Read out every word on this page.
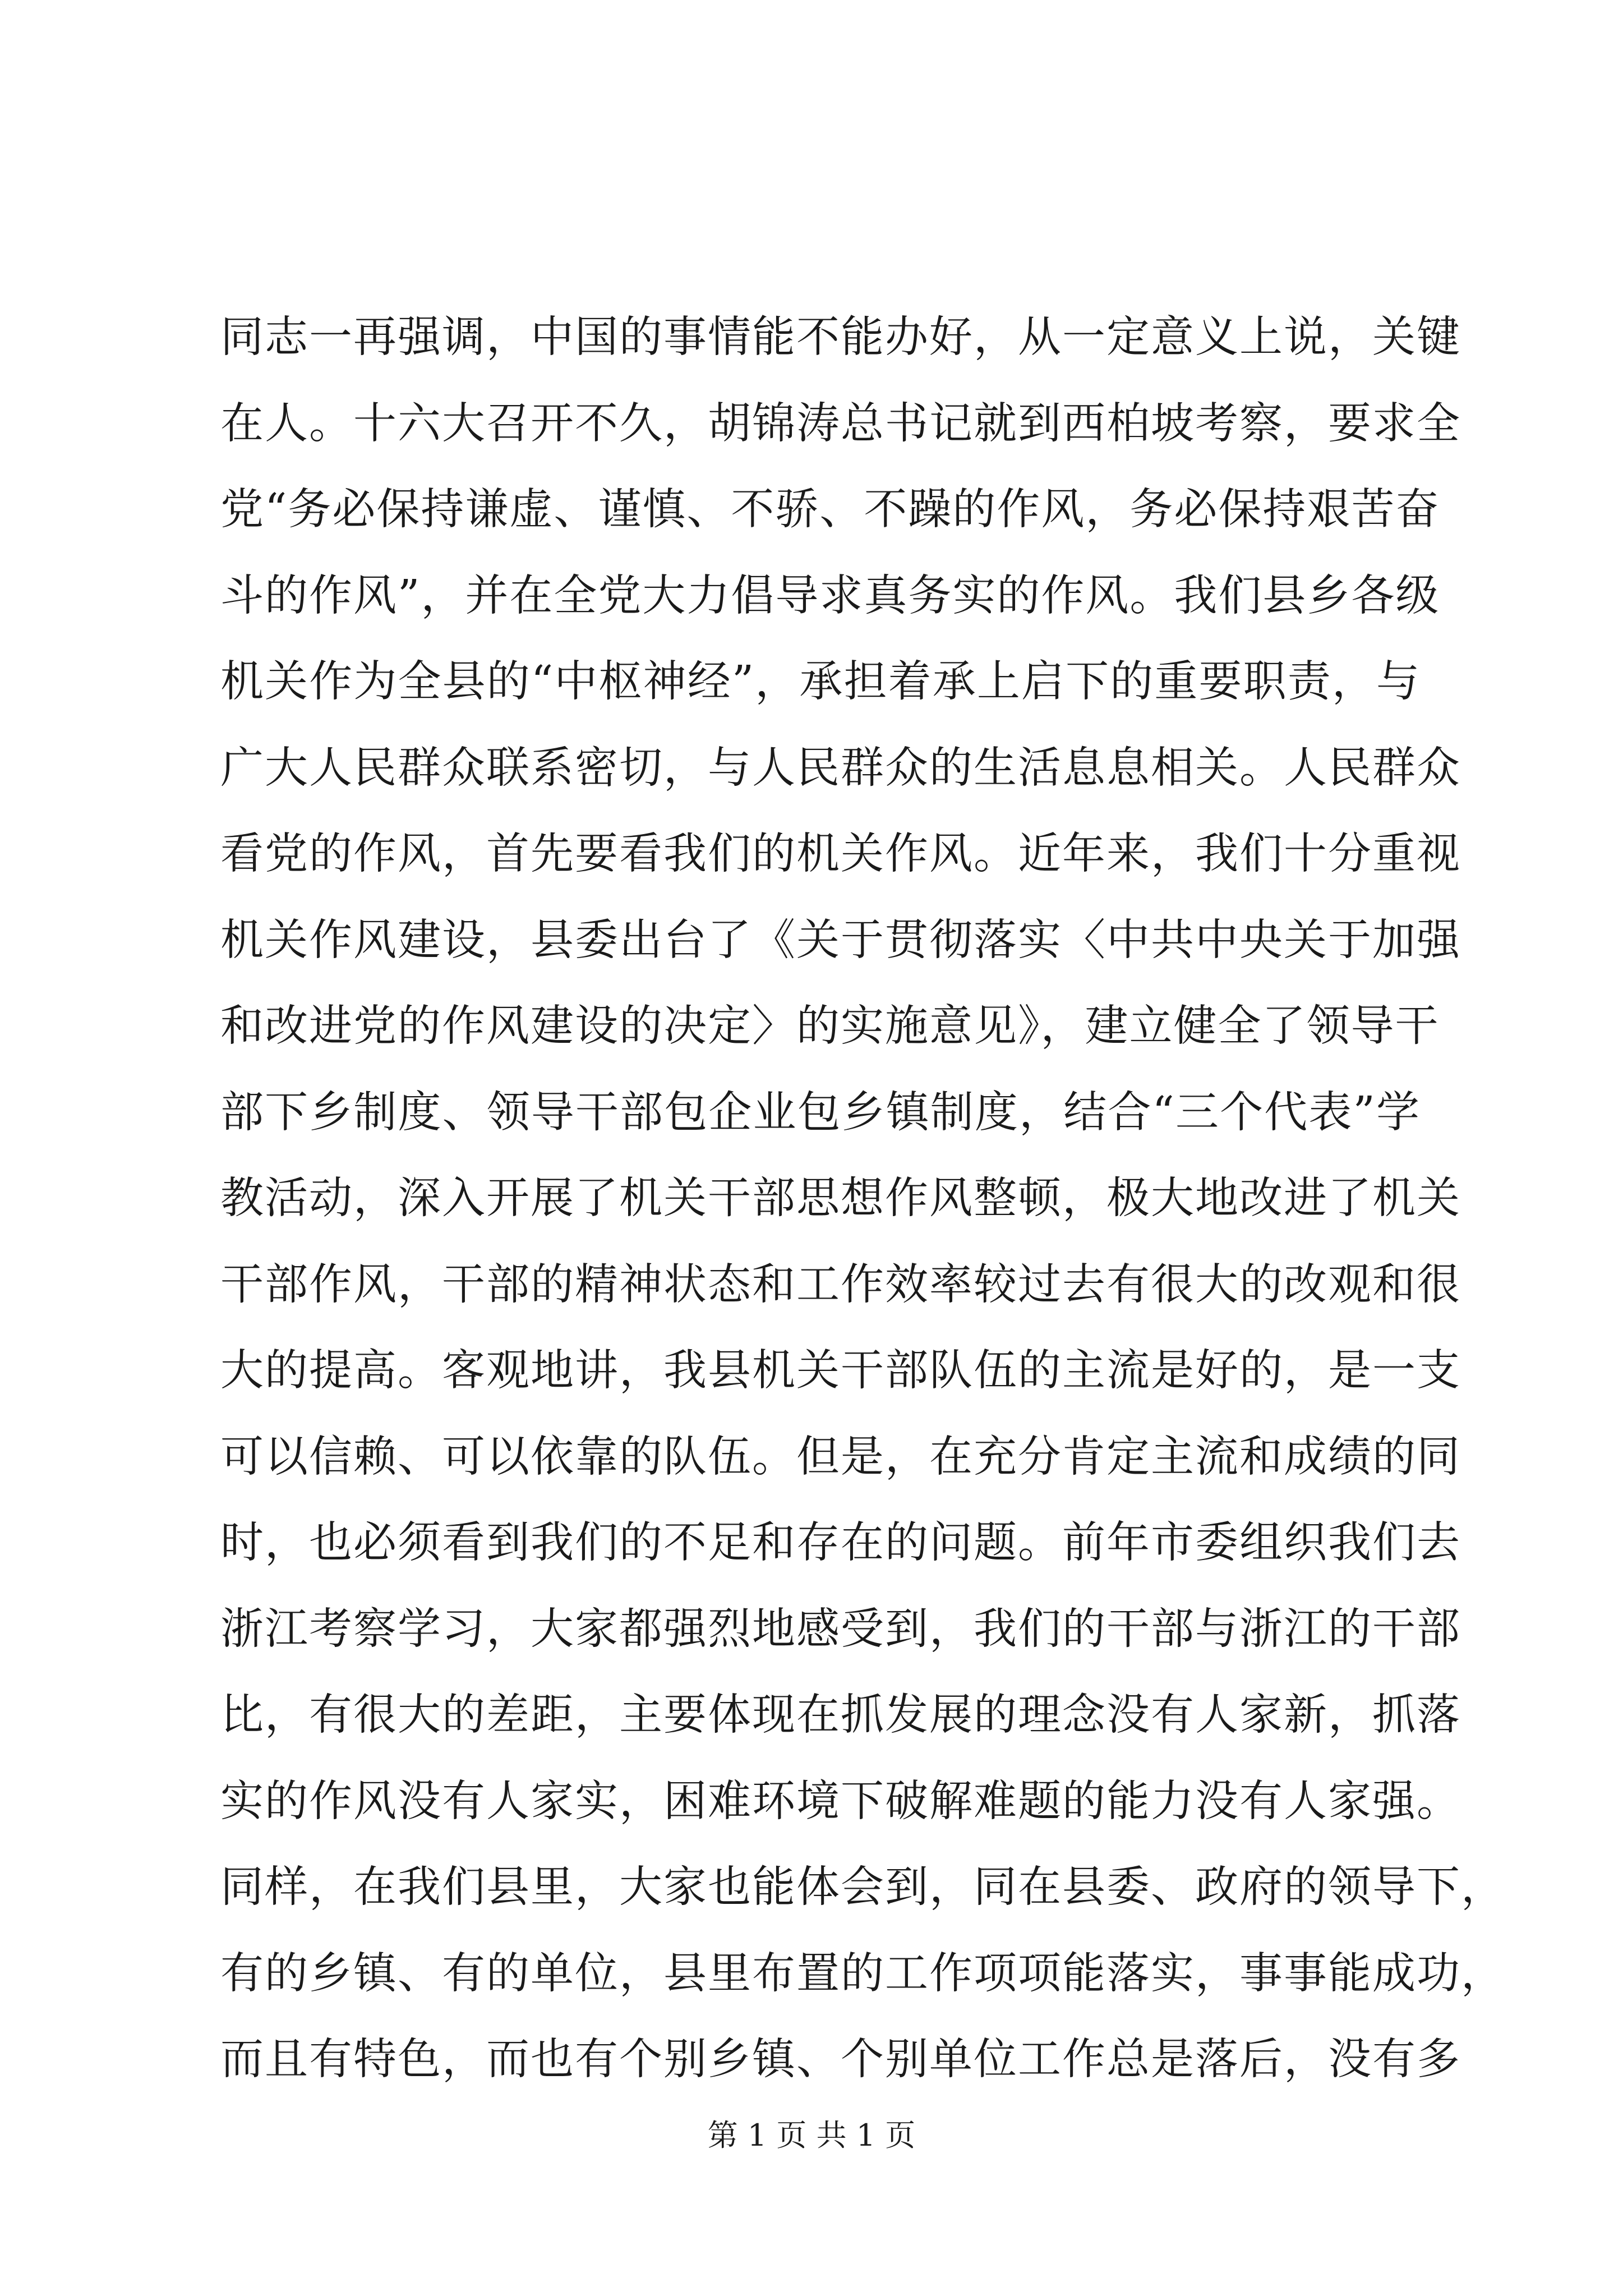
同志一再强调，中国的事情能不能办好，从一定意义上说，关键
在人。十六大召开不久，胡锦涛总书记就到西柏坡考察，要求全
党“务必保持谦虚、谨慎、不骄、不躁的作风，务必保持艰苦奋
斗的作风”，并在全党大力倡导求真务实的作风。我们县乡各级
机关作为全县的“中枢神经”，承担着承上启下的重要职责，与
广大人民群众联系密切，与人民群众的生活息息相关。人民群众
看党的作风，首先要看我们的机关作风。近年来，我们十分重视
机关作风建设，县委出台了《关于贯彻落实〈中共中央关于加强
和改进党的作风建设的决定〉的实施意见》，建立健全了领导干
部下乡制度、领导干部包企业包乡镇制度，结合“三个代表”学
教活动，深入开展了机关干部思想作风整顿，极大地改进了机关
干部作风，干部的精神状态和工作效率较过去有很大的改观和很
大的提高。客观地讲，我县机关干部队伍的主流是好的，是一支
可以信赖、可以依靠的队伍。但是，在充分肯定主流和成绩的同
时，也必须看到我们的不足和存在的问题。前年市委组织我们去
浙江考察学习，大家都强烈地感受到，我们的干部与浙江的干部
比，有很大的差距，主要体现在抓发展的理念没有人家新，抓落
实的作风没有人家实，困难环境下破解难题的能力没有人家强。
同样，在我们县里，大家也能体会到，同在县委、政府的领导下，
有的乡镇、有的单位，县里布置的工作项项能落实，事事能成功，
而且有特色，而也有个别乡镇、个别单位工作总是落后，没有多
第 1 页 共 1 页
